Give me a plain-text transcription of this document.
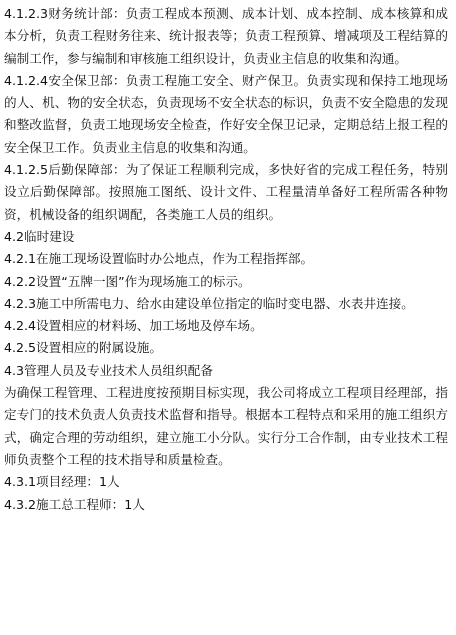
4.1.2.3财务统计部：负责工程成本预测、成本计划、成本控制、成本核算和成本分析，负责工程财务往来、统计报表等；负责工程预算、增减项及工程结算的编制工作，参与编制和审核施工组织设计，负责业主信息的收集和沟通。

4.1.2.4安全保卫部：负责工程施工安全、财产保卫。负责实现和保持工地现场的人、机、物的安全状态，负责现场不安全状态的标识，负责不安全隐患的发现和整改监督，负责工地现场安全检查，作好安全保卫记录，定期总结上报工程的安全保卫工作。负责业主信息的收集和沟通。

4.1.2.5后勤保障部：为了保证工程顺利完成，多快好省的完成工程任务，特别设立后勤保障部。按照施工图纸、设计文件、工程量清单备好工程所需各种物资，机械设备的组织调配，各类施工人员的组织。

4.2临时建设

4.2.1在施工现场设置临时办公地点，作为工程指挥部。

4.2.2设置“五牌一图”作为现场施工的标示。

4.2.3施工中所需电力、给水由建设单位指定的临时变电器、水表井连接。

4.2.4设置相应的材料场、加工场地及停车场。

4.2.5设置相应的附属设施。

4.3管理人员及专业技术人员组织配备

为确保工程管理、工程进度按预期目标实现，我公司将成立工程项目经理部，指定专门的技术负责人负责技术监督和指导。根据本工程特点和采用的施工组织方式，确定合理的劳动组织，建立施工小分队。实行分工合作制，由专业技术工程师负责整个工程的技术指导和质量检查。

4.3.1项目经理：1人

4.3.2施工总工程师：1人
